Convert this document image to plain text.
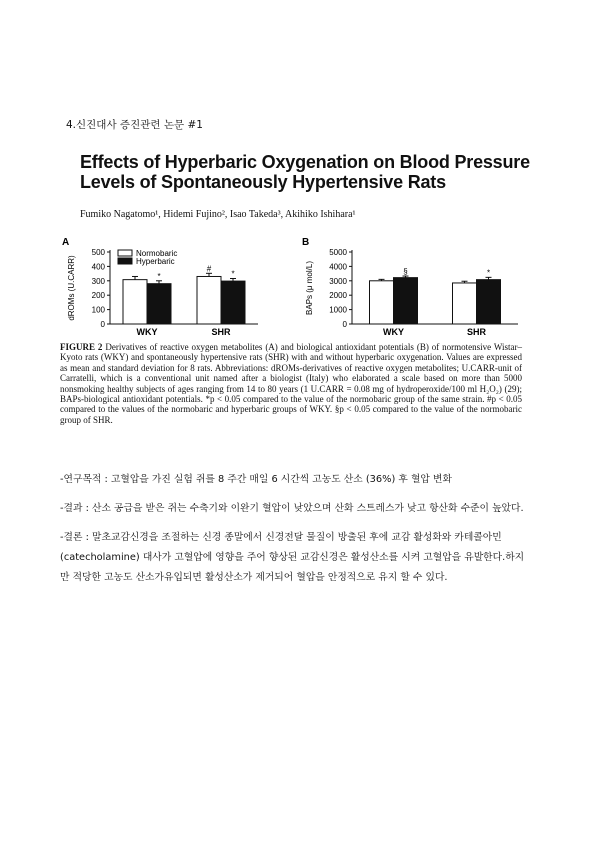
4.신진대사 증진관련 논문 #1
Effects of Hyperbaric Oxygenation on Blood Pressure
Levels of Spontaneously Hypertensive Rats
Fumiko Nagatomo¹, Hidemi Fujino², Isao Takeda³, Akihiko Ishihara¹
A
0
100
200
300
400
500
dROMs (U.CARR)	*
WKY
#
*
SHR
Normobaric
Hyperbaric
B
0
1000
2000
3000
4000
5000
BAPs (μ mol/L)	§
WKY
*
SHR
FIGURE 2 Derivatives of reactive oxygen metabolites (A) and biological antioxidant potentials (B) of normotensive Wistar–Kyoto rats (WKY) and spontaneously hypertensive rats (SHR) with and without hyperbaric oxygenation. Values are expressed as mean and standard deviation for 8 rats. Abbreviations: dROMs-derivatives of reactive oxygen metabolites; U.CARR-unit of Carratelli, which is a conventional unit named after a biologist (Italy) who elaborated a scale based on more than 5000 nonsmoking healthy subjects of ages ranging from 14 to 80 years (1 U.CARR = 0.08 mg of hydroperoxide/100 ml H₂O₂) (29); BAPs-biological antioxidant potentials. *p < 0.05 compared to the value of the normobaric group of the same strain. #p < 0.05 compared to the values of the normobaric and hyperbaric groups of WKY. §p < 0.05 compared to the value of the normobaric group of SHR.

-연구목적 : 고혈압을 가진 실험 쥐를 8 주간 매일 6 시간씩 고농도 산소 (36%) 후 혈압 변화

-결과 : 산소 공급을 받은 쥐는 수축기와 이완기 혈압이 낮았으며 산화 스트레스가 낮고 항산화 수준이 높았다.

-결론 : 말초교감신경을 조절하는 신경 종말에서 신경전달 물질이 방출된 후에 교감 활성화와 카테콜아민(catecholamine) 대사가 고혈압에 영향을 주어 향상된 교감신경은 활성산소를 시켜 고혈압을 유발한다.하지만 적당한 고농도 산소가유입되면 활성산소가 제거되어 혈압을 안정적으로 유지 할 수 있다.
